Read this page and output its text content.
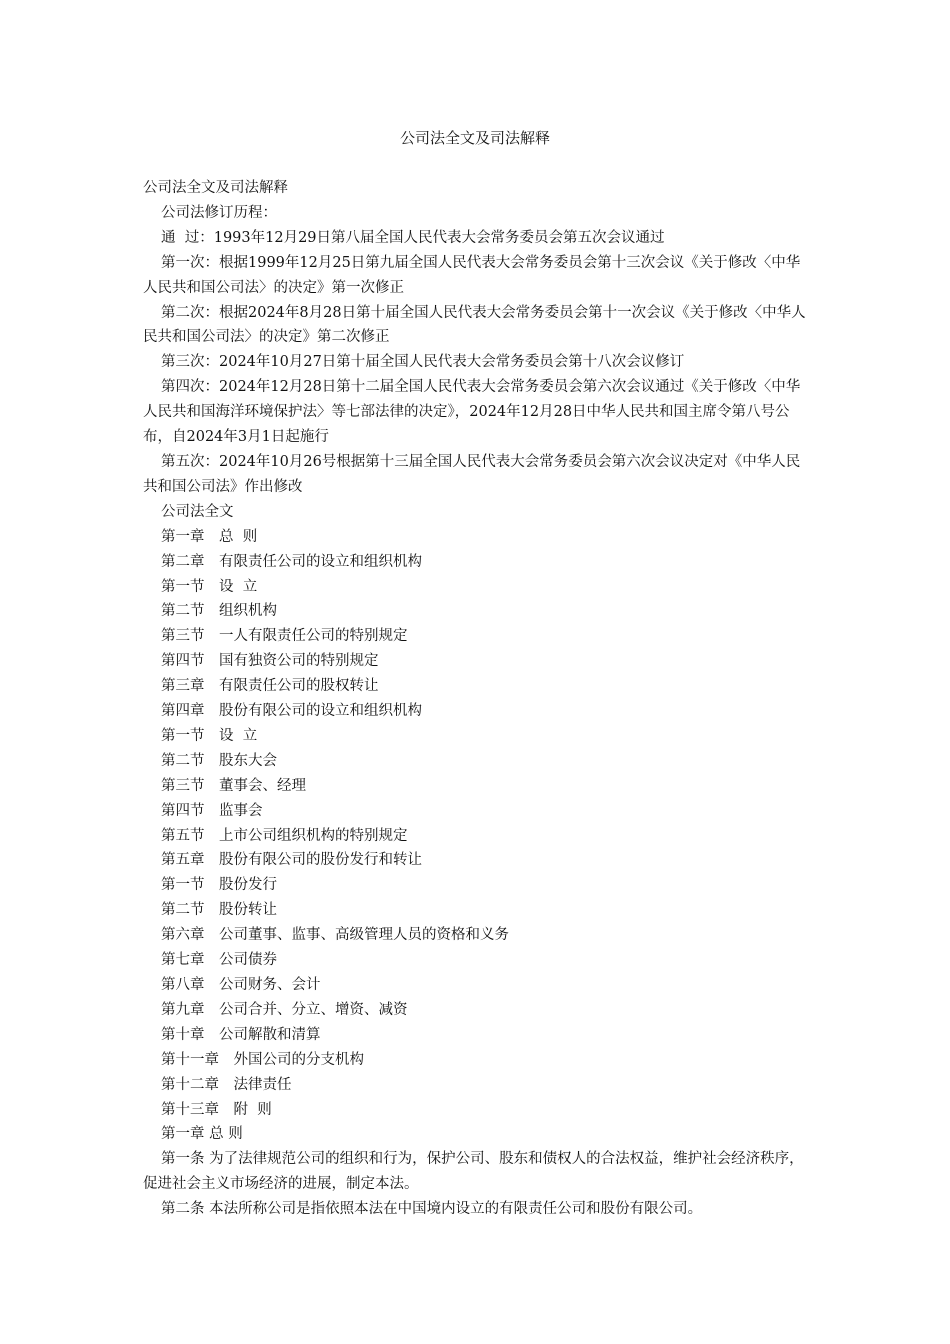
公司法全文及司法解释

公司法全文及司法解释

公司法修订历程：

通  过：1993年12月29日第八届全国人民代表大会常务委员会第五次会议通过

第一次：根据1999年12月25日第九届全国人民代表大会常务委员会第十三次会议《关于修改〈中华人民共和国公司法〉的决定》第一次修正

第二次：根据2024年8月28日第十届全国人民代表大会常务委员会第十一次会议《关于修改〈中华人民共和国公司法〉的决定》第二次修正

第三次：2024年10月27日第十届全国人民代表大会常务委员会第十八次会议修订

第四次：2024年12月28日第十二届全国人民代表大会常务委员会第六次会议通过《关于修改〈中华人民共和国海洋环境保护法〉等七部法律的决定》，2024年12月28日中华人民共和国主席令第八号公布，自2024年3月1日起施行

第五次：2024年10月26号根据第十三届全国人民代表大会常务委员会第六次会议决定对《中华人民共和国公司法》作出修改

公司法全文

第一章　总  则

第二章　有限责任公司的设立和组织机构

第一节　设  立

第二节　组织机构

第三节　一人有限责任公司的特别规定

第四节　国有独资公司的特别规定

第三章　有限责任公司的股权转让

第四章　股份有限公司的设立和组织机构

第一节　设  立

第二节　股东大会

第三节　董事会、经理

第四节　监事会

第五节　上市公司组织机构的特别规定

第五章　股份有限公司的股份发行和转让

第一节　股份发行

第二节　股份转让

第六章　公司董事、监事、高级管理人员的资格和义务

第七章　公司债券

第八章　公司财务、会计

第九章　公司合并、分立、增资、减资

第十章　公司解散和清算

第十一章　外国公司的分支机构

第十二章　法律责任

第十三章　附  则

第一章 总 则

第一条 为了法律规范公司的组织和行为，保护公司、股东和债权人的合法权益，维护社会经济秩序，促进社会主义市场经济的进展，制定本法。

第二条 本法所称公司是指依照本法在中国境内设立的有限责任公司和股份有限公司。
